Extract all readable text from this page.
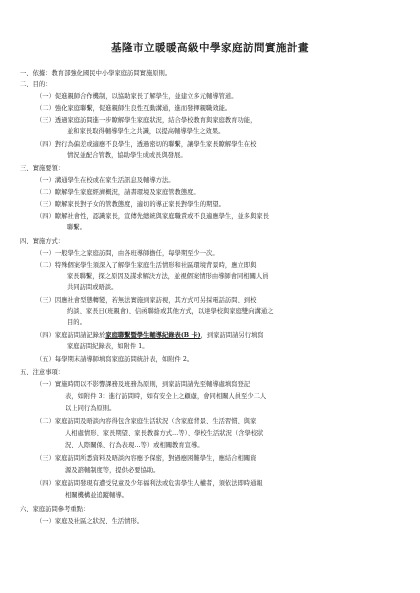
基隆市立暖暖高級中學家庭訪問實施計畫

一、依據：教育部強化國民中小學家庭訪問實施原則。

二、目的：

（一）促進親師合作機制，以協助家長了解學生，並建立多元輔導管道。

（二）強化家庭聯繫，促進親師生良性互動溝通，進而發揮親職效能。

（三）透過家庭訪問進一步瞭解學生家庭狀況，結合學校教育與家庭教育功能，

並和家長取得輔導學生之共識，以提高輔導學生之效果。

（四）對行為偏差或適應不良學生，透過密切的聯繫，讓學生家長瞭解學生在校

情況並配合管教，協助學生成或長與發展。

三、實施要領：

（一）溝通學生在校或在家生活訊息及輔導方法。

（二）瞭解學生家庭經濟概況，請書環境及家庭管教態度。

（三）瞭解家長對子女的管教態度，適切的導正家長對學生的期望。

（四）瞭解社會性，認識家長，宣傳先總統與家庭職責或不良適應學生，並多與家長

聯繫。

四、實施方式：

（一）一般學生之家庭訪問，由各班導師擔任，每學期至少一次。

（二）特殊個案學生須深入了解學生家庭生活情形和社區環境背景時，應立即與

家長聯繫，探之原因及謀求解決方法，並視個案情形由導師會同相關人員

共同訪問或晤談。

（三）因應社會型態轉變，若無法實施到家訪視，其方式可另採電話訪問、到校

約談、家長日(班親會)、信函聯絡或其他方式，以達學校與家庭雙向溝通之

目的。

（四）家庭訪問請記錄於家庭聯繫暨學生輔導紀錄表(B 卡)，到家訪問請另行填寫

家庭訪問紀錄表，如附件 1。

（五）每學期末請導師填寫家庭訪問統計表，如附件 2。

五、注意事項：

（一）實施時間以不影響課務及班務為原則，到家訪問請先至輔導處填寫登記

表，如附件 3：進行訪問時，如有安全上之顧慮，會同相關人員至少二人

以上同行為原則。

（二）家庭訪問及晤談內容得包含家庭生活狀況（含家庭背景、生活習慣、與家

人相處情形、家長期望、家長教養方式…等）、學校生活狀況（含學校狀

況、人際關係、行為表現…等）或相關教育宣導。

（三）家庭訪問所悉資料及晤談內容應予保密，對過應困難學生，應結合相關資

源及諮輔制度等，提供必要協助。

（四）家庭訪問發現有遭受兒童及少年福利法或危害學生人權者，須依法即時通報

相關機構並追蹤輔導。

六、家庭訪問參考重點：

（一）家庭及社區之狀況、生活情形。
